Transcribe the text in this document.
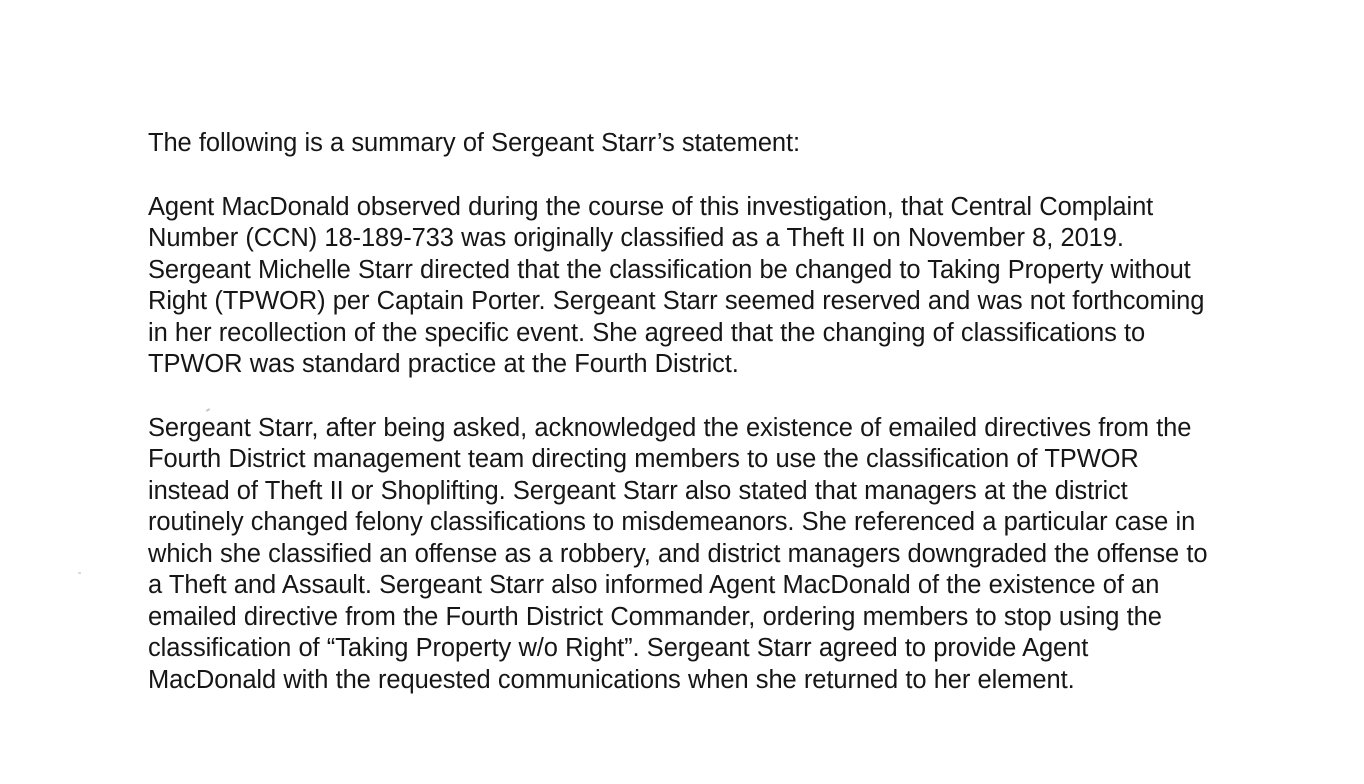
The following is a summary of Sergeant Starr’s statement:

Agent MacDonald observed during the course of this investigation, that Central Complaint Number (CCN) 18-189-733 was originally classified as a Theft II on November 8, 2019. Sergeant Michelle Starr directed that the classification be changed to Taking Property without Right (TPWOR) per Captain Porter. Sergeant Starr seemed reserved and was not forthcoming in her recollection of the specific event. She agreed that the changing of classifications to TPWOR was standard practice at the Fourth District.

Sergeant Starr, after being asked, acknowledged the existence of emailed directives from the Fourth District management team directing members to use the classification of TPWOR instead of Theft II or Shoplifting. Sergeant Starr also stated that managers at the district routinely changed felony classifications to misdemeanors. She referenced a particular case in which she classified an offense as a robbery, and district managers downgraded the offense to a Theft and Assault. Sergeant Starr also informed Agent MacDonald of the existence of an emailed directive from the Fourth District Commander, ordering members to stop using the classification of “Taking Property w/o Right”. Sergeant Starr agreed to provide Agent MacDonald with the requested communications when she returned to her element.
